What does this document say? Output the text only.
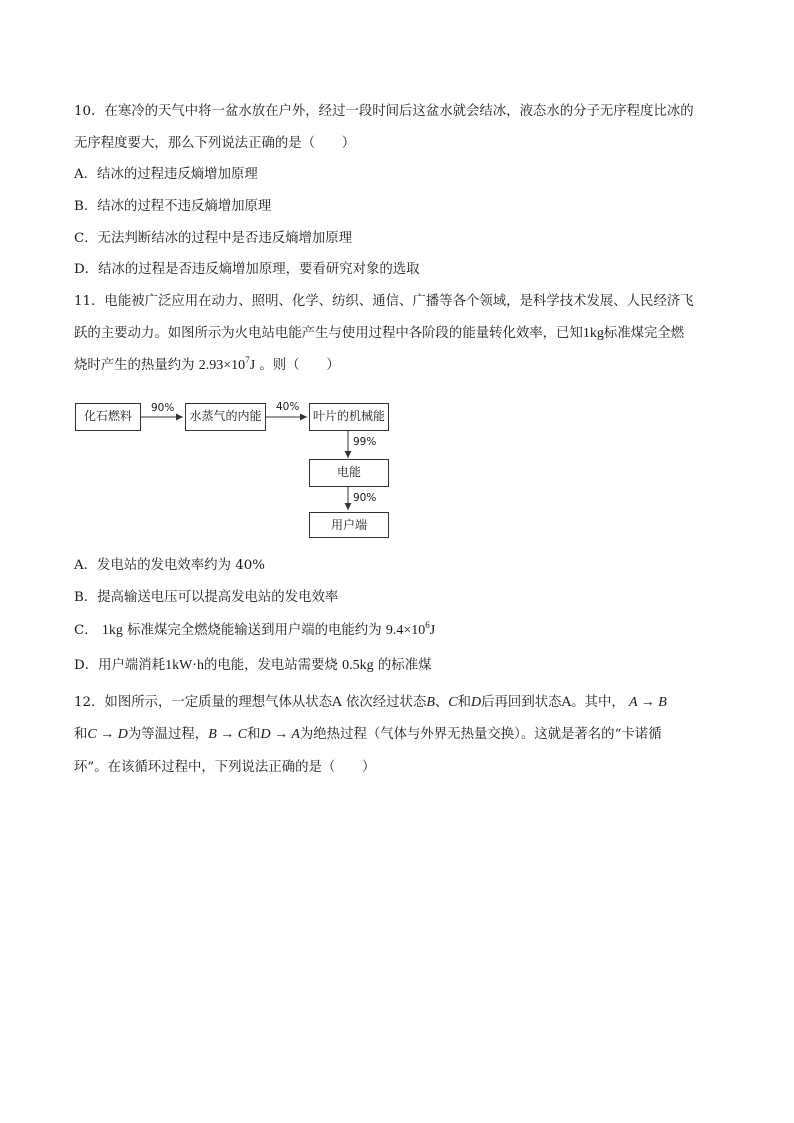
10．在寒冷的天气中将一盆水放在户外，经过一段时间后这盆水就会结冰，液态水的分子无序程度比冰的
无序程度要大，那么下列说法正确的是（　　）
A．结冰的过程违反熵增加原理
B．结冰的过程不违反熵增加原理
C．无法判断结冰的过程中是否违反熵增加原理
D．结冰的过程是否违反熵增加原理，要看研究对象的选取
11．电能被广泛应用在动力、照明、化学、纺织、通信、广播等各个领域，是科学技术发展、人民经济飞
跃的主要动力。如图所示为火电站电能产生与使用过程中各阶段的能量转化效率，已知1kg标准煤完全燃
烧时产生的热量约为 $2.93\times 10^7J$ 。则（　　）
化石燃料	水蒸气的内能	叶片的机械能
电能
用户端
90%	40%
99%
90%
A．发电站的发电效率约为 40%
B．提高输送电压可以提高发电站的发电效率
C． 1kg 标准煤完全燃烧能输送到用户端的电能约为 $9.4\times 10^6J$
D．用户端消耗1kW·h的电能，发电站需要烧 0.5kg 的标准煤
12．如图所示，一定质量的理想气体从状态A 依次经过状态B、C和D后再回到状态A。其中， A → B
和C → D为等温过程，B → C和D → A为绝热过程（气体与外界无热量交换）。这就是著名的“卡诺循
环”。在该循环过程中，下列说法正确的是（　　）
